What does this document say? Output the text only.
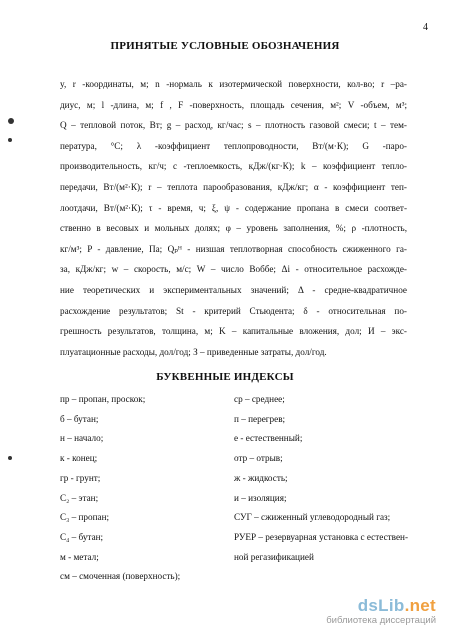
4
ПРИНЯТЫЕ УСЛОВНЫЕ ОБОЗНАЧЕНИЯ
y, r -координаты, м; n -нормаль к изотермической поверхности, кол-во; r –ра-
диус, м; l -длина, м; f , F -поверхность, площадь сечения, м²; V -объем, м³;
Q – тепловой поток, Вт; g – расход, кг/час; s – плотность газовой смеси; t – тем-
пература, °C; λ -коэффициент теплопроводности, Вт/(м·К); G -паро-
производительность, кг/ч; c -теплоемкость, кДж/(кг·К); k – коэффициент тепло-
передачи, Вт/(м²·К); r – теплота парообразования, кДж/кг; α - коэффициент теп-
лоотдачи, Вт/(м²·К); τ - время, ч; ξ, ψ - содержание пропана в смеси соответ-
ственно в весовых и мольных долях; φ – уровень заполнения, %; ρ -плотность,
кг/м³; P - давление, Па; Qₚᴴ - низшая теплотворная способность сжиженного га-
за, кДж/кг; w – скорость, м/с; W – число Воббе; Δi - относительное расхожде-
ние теоретических и экспериментальных значений; Δ - средне-квадратичное
расхождение результатов; St - критерий Стьюдента; δ - относительная по-
грешность результатов, толщина, м; K – капитальные вложения, дол; И – экс-
плуатационные расходы, дол/год; З – приведенные затраты, дол/год.
БУКВЕННЫЕ ИНДЕКСЫ
пр – пропан, проскок;
б – бутан;
н – начало;
к - конец;
гр - грунт;
C₂ – этан;
C₃ – пропан;
C₄ – бутан;
м - метал;
см – смоченная (поверхность);
ср – среднее;
п – перегрев;
е - естественный;
отр – отрыв;
ж - жидкость;
и – изоляция;
СУГ – сжиженный углеводородный газ;
РУЕР – резервуарная установка с естествен-
ной регазификацией
dsLib.net
библиотека диссертаций
